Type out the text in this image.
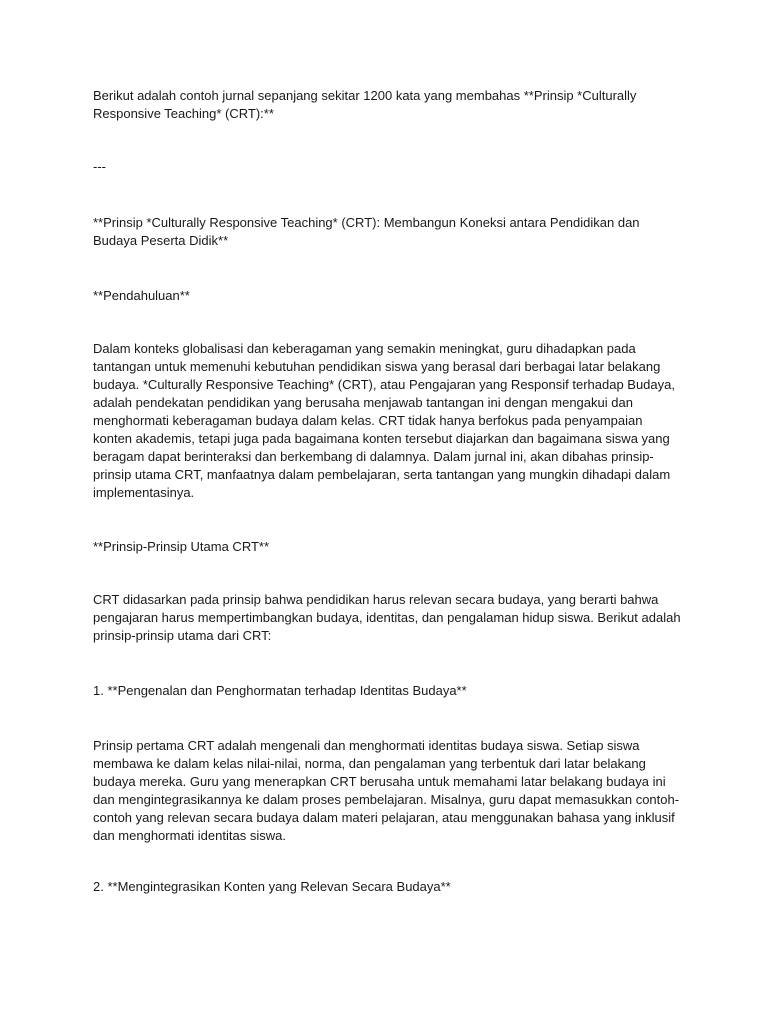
Berikut adalah contoh jurnal sepanjang sekitar 1200 kata yang membahas **Prinsip *Culturally Responsive Teaching* (CRT):**

---

**Prinsip *Culturally Responsive Teaching* (CRT): Membangun Koneksi antara Pendidikan dan Budaya Peserta Didik**

**Pendahuluan**

Dalam konteks globalisasi dan keberagaman yang semakin meningkat, guru dihadapkan pada tantangan untuk memenuhi kebutuhan pendidikan siswa yang berasal dari berbagai latar belakang budaya. *Culturally Responsive Teaching* (CRT), atau Pengajaran yang Responsif terhadap Budaya, adalah pendekatan pendidikan yang berusaha menjawab tantangan ini dengan mengakui dan menghormati keberagaman budaya dalam kelas. CRT tidak hanya berfokus pada penyampaian konten akademis, tetapi juga pada bagaimana konten tersebut diajarkan dan bagaimana siswa yang beragam dapat berinteraksi dan berkembang di dalamnya. Dalam jurnal ini, akan dibahas prinsip-prinsip utama CRT, manfaatnya dalam pembelajaran, serta tantangan yang mungkin dihadapi dalam implementasinya.

**Prinsip-Prinsip Utama CRT**

CRT didasarkan pada prinsip bahwa pendidikan harus relevan secara budaya, yang berarti bahwa pengajaran harus mempertimbangkan budaya, identitas, dan pengalaman hidup siswa. Berikut adalah prinsip-prinsip utama dari CRT:

1. **Pengenalan dan Penghormatan terhadap Identitas Budaya**

Prinsip pertama CRT adalah mengenali dan menghormati identitas budaya siswa. Setiap siswa membawa ke dalam kelas nilai-nilai, norma, dan pengalaman yang terbentuk dari latar belakang budaya mereka. Guru yang menerapkan CRT berusaha untuk memahami latar belakang budaya ini dan mengintegrasikannya ke dalam proses pembelajaran. Misalnya, guru dapat memasukkan contoh-contoh yang relevan secara budaya dalam materi pelajaran, atau menggunakan bahasa yang inklusif dan menghormati identitas siswa.

2. **Mengintegrasikan Konten yang Relevan Secara Budaya**
